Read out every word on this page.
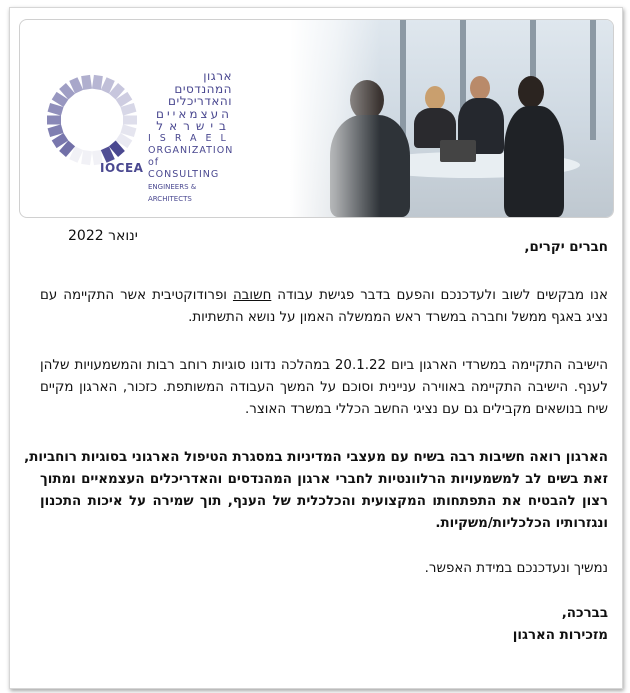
IOCEA
ארגון המהנדסים
והאדריכלים
העצמאיים
בישראל
ISRAEL
ORGANIZATION
of CONSULTING
ENGINEERS & ARCHITECTS
ינואר 2022
חברים יקרים,
אנו מבקשים לשוב ולעדכנכם והפעם בדבר פגישת עבודה חשובה ופרודוקטיבית אשר התקיימה עם
נציג באגף ממשל וחברה במשרד ראש הממשלה האמון על נושא התשתיות.
הישיבה התקיימה במשרדי הארגון ביום 20.1.22 במהלכה נדונו סוגיות רוחב רבות והמשמעויות שלהן
לענף. הישיבה התקיימה באווירה עניינית וסוכם על המשך העבודה המשותפת. כזכור, הארגון מקיים
שיח בנושאים מקבילים גם עם נציגי החשב הכללי במשרד האוצר.
הארגון רואה חשיבות רבה בשיח עם מעצבי המדיניות במסגרת הטיפול הארגוני בסוגיות רוחביות,
זאת בשים לב למשמעויות הרלוונטיות לחברי ארגון המהנדסים והאדריכלים העצמאיים ומתוך
רצון להבטיח את התפתחותו המקצועית והכלכלית של הענף, תוך שמירה על איכות התכנון
ונגזרותיו הכלכליות/משקיות.
נמשיך ונעדכנכם במידת האפשר.
בברכה,
מזכירות הארגון
